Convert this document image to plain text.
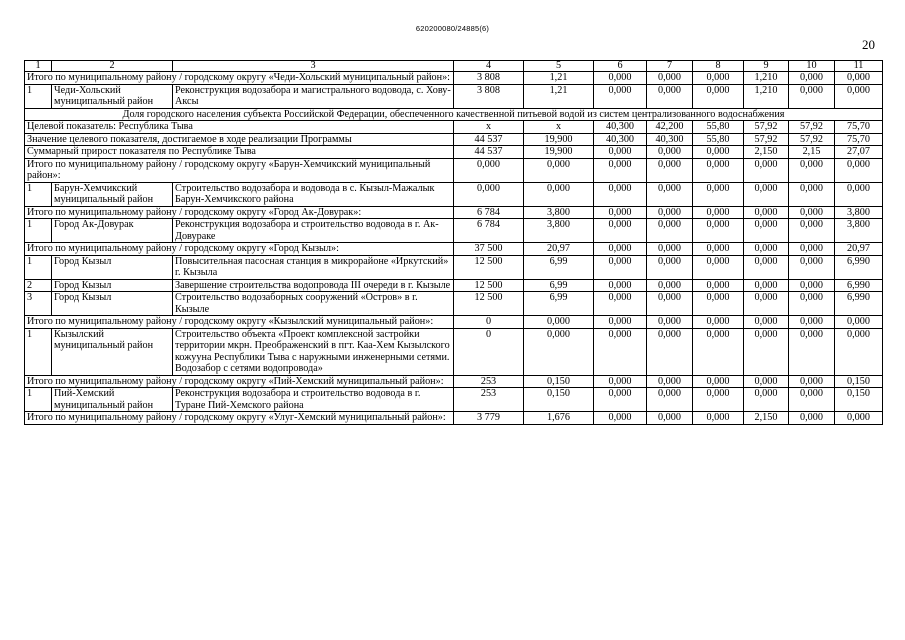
620200080/24885(6)
20
1	2	3	4	5	6	7	8	9	10	11
Итого по муниципальному району / городскому округу «Чеди-Хольский муниципальный район»:			3 808	1,21	0,000	0,000	0,000	1,210	0,000	0,000
1	Чеди-Хольский муниципальный район	Реконструкция водозабора и магистрального водовода, с. Хову-Аксы	3 808	1,21	0,000	0,000	0,000	1,210	0,000	0,000
Доля городского населения субъекта Российской Федерации, обеспеченного качественной питьевой водой из систем централизованного водоснабжения										
Целевой показатель: Республика Тыва			x	x	40,300	42,200	55,80	57,92	57,92	75,70
Значение целевого показателя, достигаемое в ходе реализации Программы			44 537	19,900	40,300	40,300	55,80	57,92	57,92	75,70
Суммарный прирост показателя по Республике Тыва			44 537	19,900	0,000	0,000	0,000	2,150	2,15	27,07
Итого по муниципальному району / городскому округу «Барун-Хемчикский муниципальный район»:			0,000	0,000	0,000	0,000	0,000	0,000	0,000	0,000
1	Барун-Хемчикский муниципальный район	Строительство водозабора и водовода в с. Кызыл-Мажалык Барун-Хемчикского района	0,000	0,000	0,000	0,000	0,000	0,000	0,000	0,000
Итого по муниципальному району / городскому округу «Город Ак-Довурак»:			6 784	3,800	0,000	0,000	0,000	0,000	0,000	3,800
1	Город Ак-Довурак	Реконструкция водозабора и строительство водовода в г. Ак-Довураке	6 784	3,800	0,000	0,000	0,000	0,000	0,000	3,800
Итого по муниципальному району / городскому округу «Город Кызыл»:			37 500	20,97	0,000	0,000	0,000	0,000	0,000	20,97
1	Город Кызыл	Повысительная пасосная станция в микрорайоне «Иркутский» г. Кызыла	12 500	6,99	0,000	0,000	0,000	0,000	0,000	6,990
2	Город Кызыл	Завершение строительства водопровода III очереди в г. Кызыле	12 500	6,99	0,000	0,000	0,000	0,000	0,000	6,990
3	Город Кызыл	Строительство водозаборных сооружений «Остров» в г. Кызыле	12 500	6,99	0,000	0,000	0,000	0,000	0,000	6,990
Итого по муниципальному району / городскому округу «Кызылский муниципальный район»:			0	0,000	0,000	0,000	0,000	0,000	0,000	0,000
1	Кызылский муниципальный район	Строительство объекта «Проект комплексной застройки территории мкрн. Преображенский в пгт. Каа-Хем Кызылского кожууна Республики Тыва с наружными инженерными сетями. Водозабор с сетями водопровода»	0	0,000	0,000	0,000	0,000	0,000	0,000	0,000
Итого по муниципальному району / городскому округу «Пий-Хемский муниципальный район»:			253	0,150	0,000	0,000	0,000	0,000	0,000	0,150
1	Пий-Хемский муниципальный район	Реконструкция водозабора и строительство водовода в г. Туране Пий-Хемского района	253	0,150	0,000	0,000	0,000	0,000	0,000	0,150
Итого по муниципальному району / городскому округу «Улуг-Хемский муниципальный район»:			3 779	1,676	0,000	0,000	0,000	2,150	0,000	0,000
